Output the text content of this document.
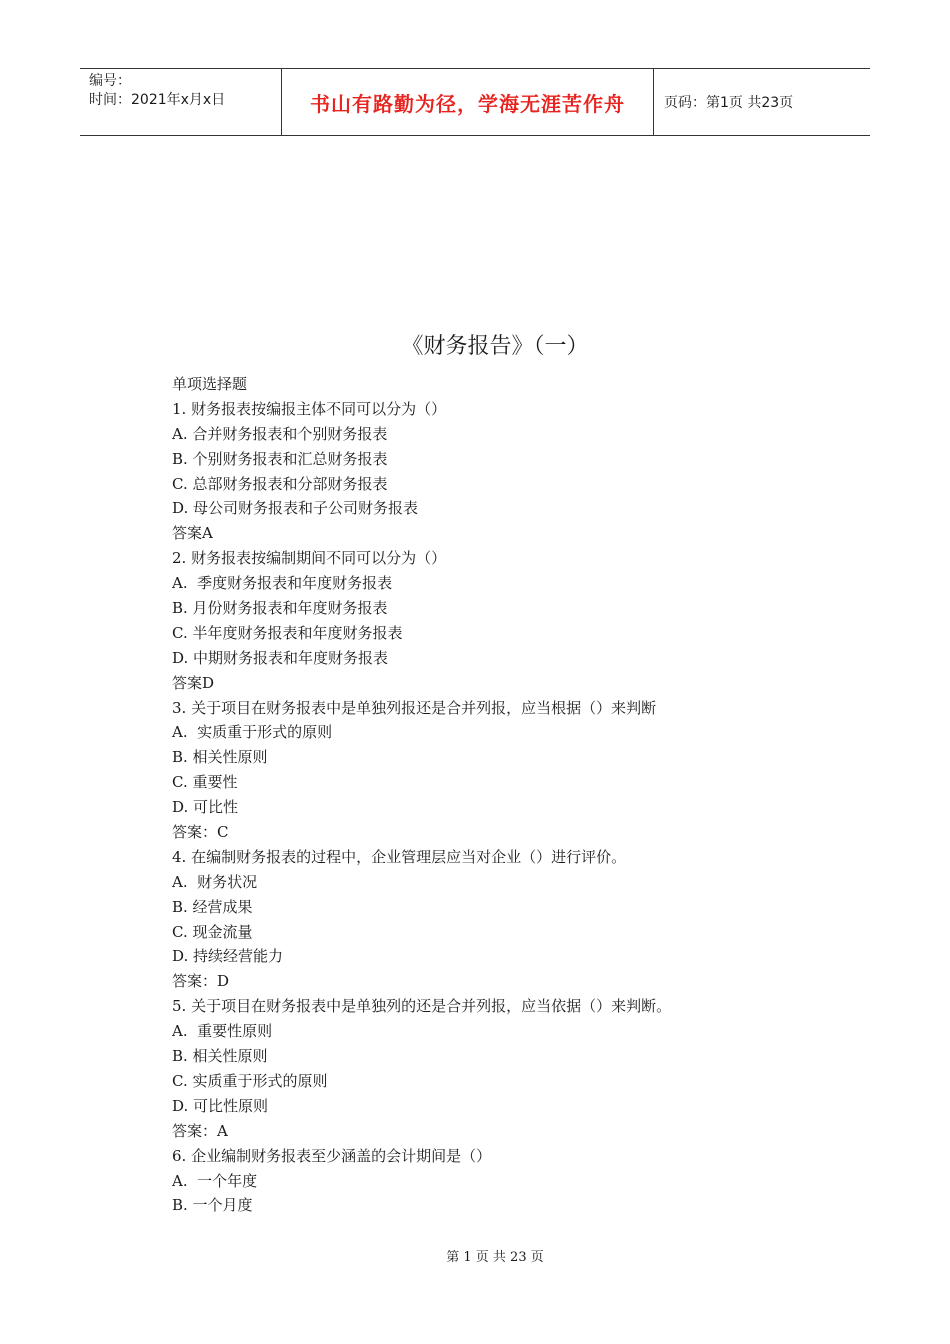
编号：
时间：2021年x月x日	书山有路勤为径，学海无涯苦作舟	页码：第1页 共23页
《财务报告》（一）
单项选择题
1. 财务报表按编报主体不同可以分为（）
A. 合并财务报表和个别财务报表
B. 个别财务报表和汇总财务报表
C. 总部财务报表和分部财务报表
D. 母公司财务报表和子公司财务报表
答案A
2. 财务报表按编制期间不同可以分为（）
A.  季度财务报表和年度财务报表
B. 月份财务报表和年度财务报表
C. 半年度财务报表和年度财务报表
D. 中期财务报表和年度财务报表
答案D
3. 关于项目在财务报表中是单独列报还是合并列报，应当根据（）来判断
A.  实质重于形式的原则
B. 相关性原则
C. 重要性
D. 可比性
答案：C
4. 在编制财务报表的过程中，企业管理层应当对企业（）进行评价。
A.  财务状况
B. 经营成果
C. 现金流量
D. 持续经营能力
答案：D
5. 关于项目在财务报表中是单独列的还是合并列报，应当依据（）来判断。
A.  重要性原则
B. 相关性原则
C. 实质重于形式的原则
D. 可比性原则
答案：A
6. 企业编制财务报表至少涵盖的会计期间是（）
A.  一个年度
B. 一个月度
第 1 页 共 23 页
